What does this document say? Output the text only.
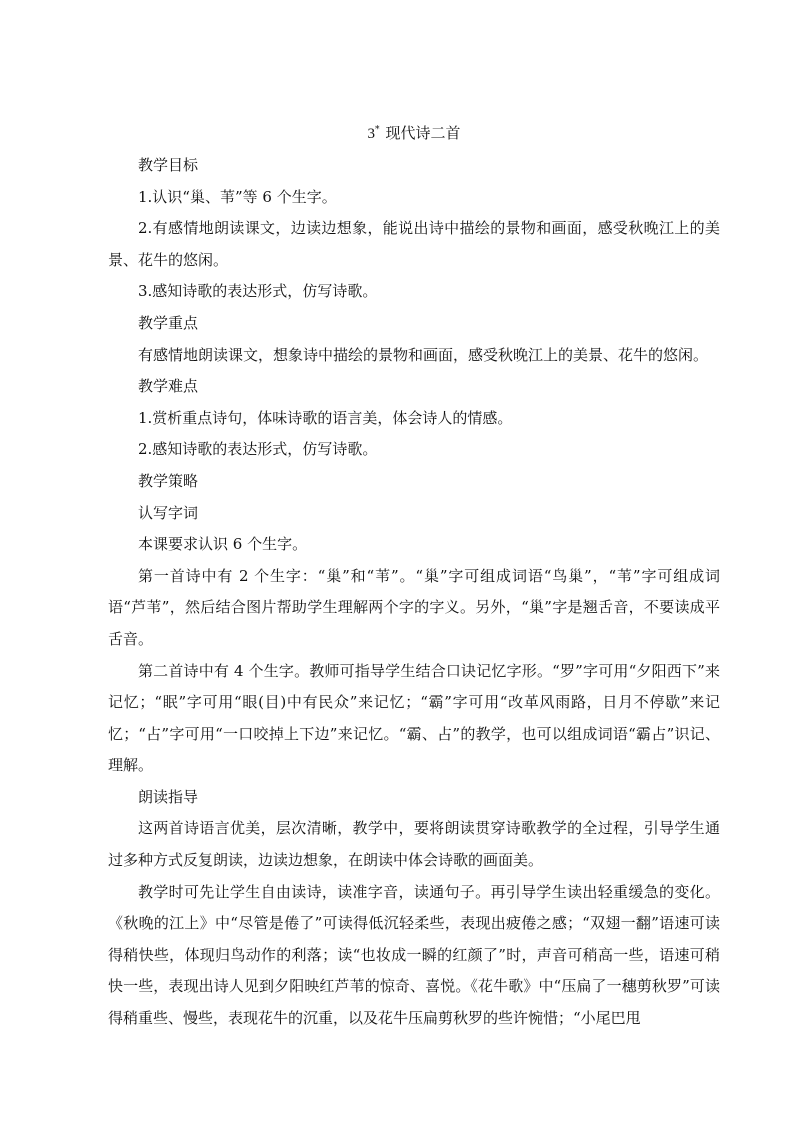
3* 现代诗二首

教学目标

1.认识“巢、苇”等 6 个生字。

2.有感情地朗读课文，边读边想象，能说出诗中描绘的景物和画面，感受秋晚江上的美景、花牛的悠闲。

3.感知诗歌的表达形式，仿写诗歌。

教学重点

有感情地朗读课文，想象诗中描绘的景物和画面，感受秋晚江上的美景、花牛的悠闲。

教学难点

1.赏析重点诗句，体味诗歌的语言美，体会诗人的情感。

2.感知诗歌的表达形式，仿写诗歌。

教学策略

认写字词

本课要求认识 6 个生字。

第一首诗中有 2 个生字：“巢”和“苇”。“巢”字可组成词语“鸟巢”，“苇”字可组成词语“芦苇”，然后结合图片帮助学生理解两个字的字义。另外，“巢”字是翘舌音，不要读成平舌音。

第二首诗中有 4 个生字。教师可指导学生结合口诀记忆字形。“罗”字可用“夕阳西下”来记忆；“眠”字可用“眼(目)中有民众”来记忆；“霸”字可用“改革风雨路，日月不停歇”来记忆；“占”字可用“一口咬掉上下边”来记忆。“霸、占”的教学，也可以组成词语“霸占”识记、理解。

朗读指导

这两首诗语言优美，层次清晰，教学中，要将朗读贯穿诗歌教学的全过程，引导学生通过多种方式反复朗读，边读边想象，在朗读中体会诗歌的画面美。

教学时可先让学生自由读诗，读准字音，读通句子。再引导学生读出轻重缓急的变化。《秋晚的江上》中“尽管是倦了”可读得低沉轻柔些，表现出疲倦之感；“双翅一翻”语速可读得稍快些，体现归鸟动作的利落；读“也妆成一瞬的红颜了”时，声音可稍高一些，语速可稍快一些，表现出诗人见到夕阳映红芦苇的惊奇、喜悦。《花牛歌》中“压扁了一穗剪秋罗”可读得稍重些、慢些，表现花牛的沉重，以及花牛压扁剪秋罗的些许惋惜；“小尾巴甩
